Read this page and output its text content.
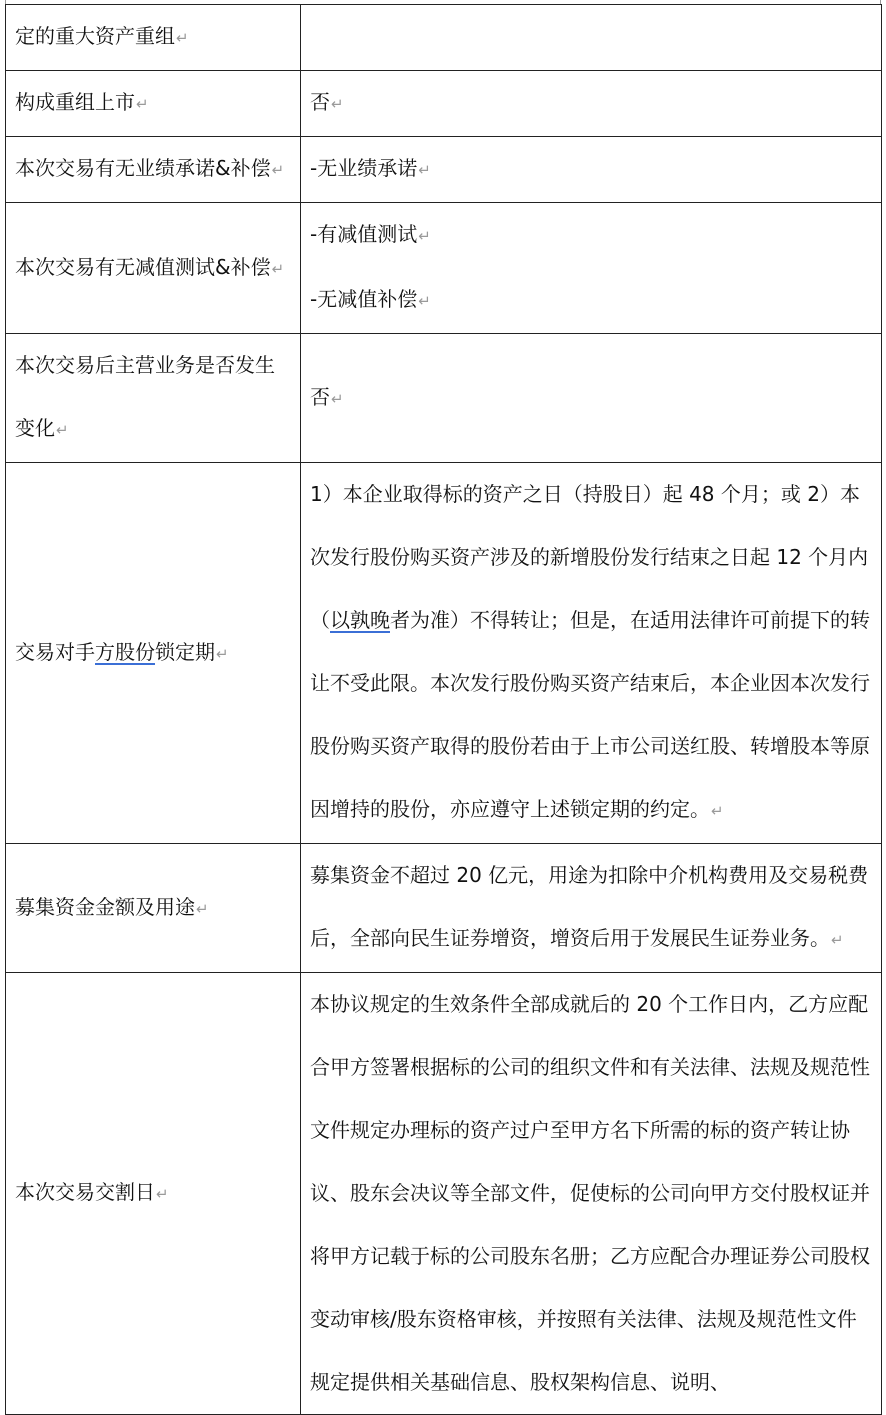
定的重大资产重组↵	
构成重组上市↵	否↵
本次交易有无业绩承诺&补偿↵	-无业绩承诺↵
本次交易有无减值测试&补偿↵	-有减值测试↵
-无减值补偿↵

本次交易后主营业务是否发生变化↵	否↵
交易对手方股份锁定期↵	1）本企业取得标的资产之日（持股日）起 48 个月；或 2）本次发行股份购买资产涉及的新增股份发行结束之日起 12 个月内（以孰晚者为准）不得转让；但是，在适用法律许可前提下的转让不受此限。本次发行股份购买资产结束后，本企业因本次发行股份购买资产取得的股份若由于上市公司送红股、转增股本等原因增持的股份，亦应遵守上述锁定期的约定。↵
募集资金金额及用途↵	募集资金不超过 20 亿元，用途为扣除中介机构费用及交易税费后，全部向民生证券增资，增资后用于发展民生证券业务。↵
本次交易交割日↵	本协议规定的生效条件全部成就后的 20 个工作日内，乙方应配合甲方签署根据标的公司的组织文件和有关法律、法规及规范性文件规定办理标的资产过户至甲方名下所需的标的资产转让协议、股东会决议等全部文件，促使标的公司向甲方交付股权证并将甲方记载于标的公司股东名册；乙方应配合办理证券公司股权变动审核/股东资格审核，并按照有关法律、法规及规范性文件规定提供相关基础信息、股权架构信息、说明、
